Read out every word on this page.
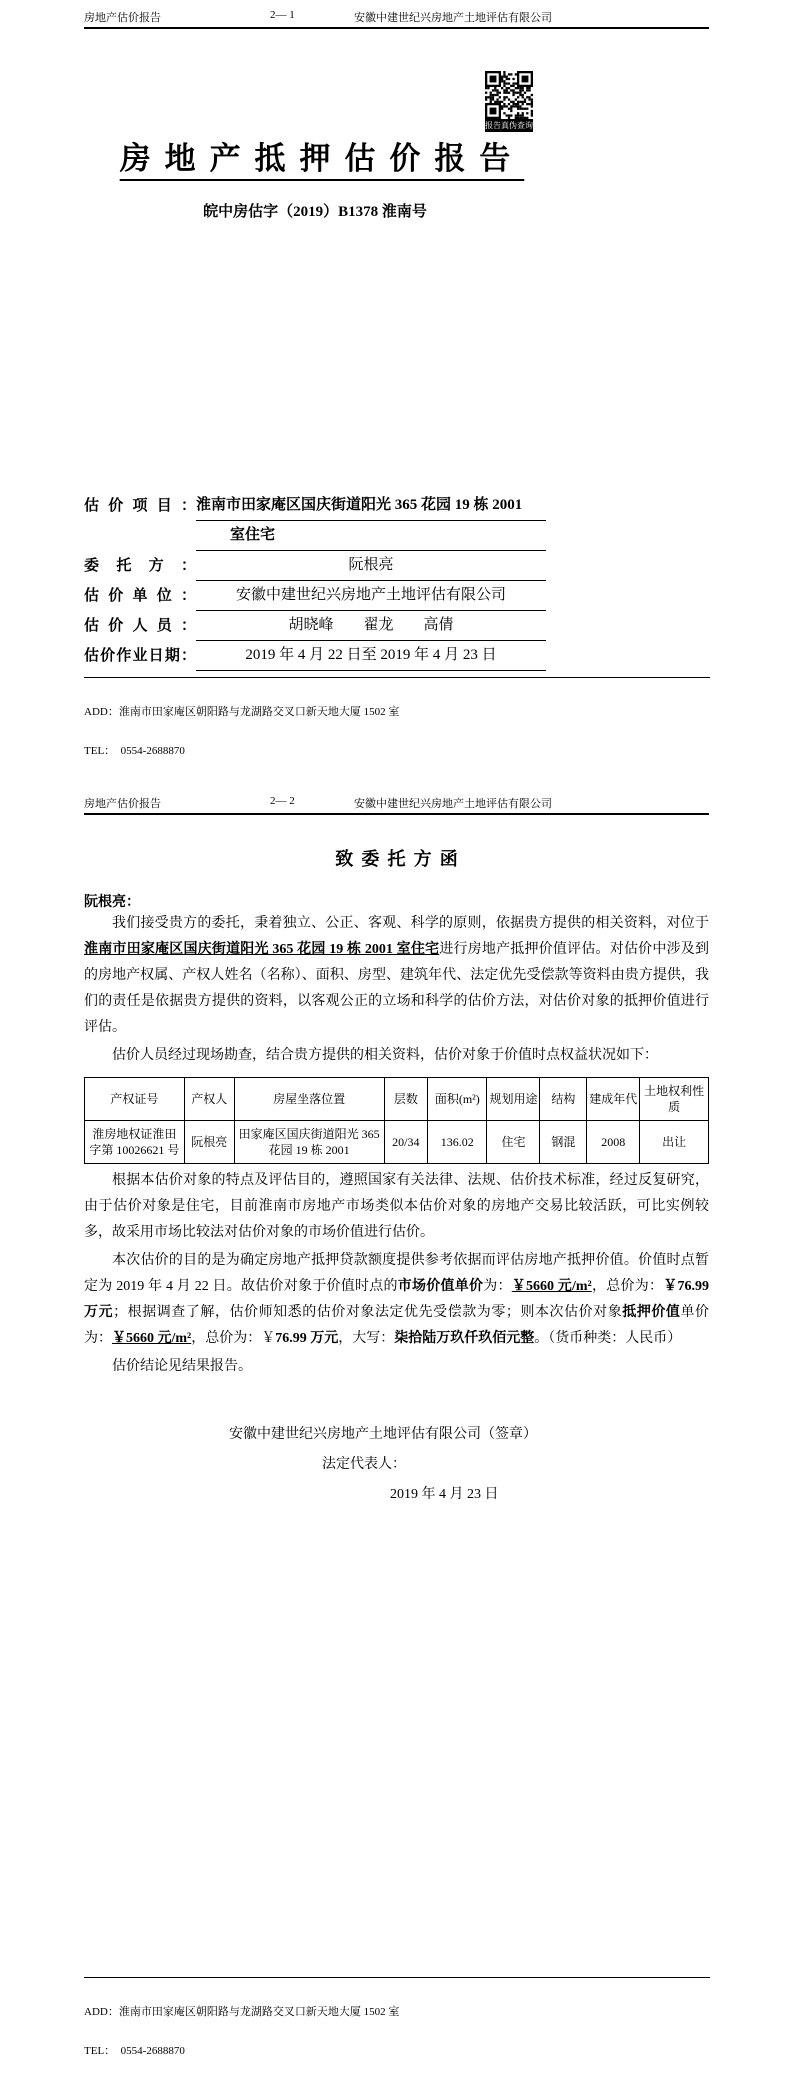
房地产估价报告	2— 1	安徽中建世纪兴房地产土地评估有限公司
报告真伪查询
房地产抵押估价报告
皖中房估字（2019）B1378 淮南号
估价项目： 淮南市田家庵区国庆街道阳光 365 花园 19 栋 2001
室住宅
委托方：	阮根亮
估价单位：	安徽中建世纪兴房地产土地评估有限公司
估价人员：	胡晓峰　　翟龙　　高倩
估价作业日期：	2019 年 4 月 22 日至 2019 年 4 月 23 日

ADD：淮南市田家庵区朝阳路与龙湖路交叉口新天地大厦 1502 室

TEL：  0554-2688870

房地产估价报告	2— 2	安徽中建世纪兴房地产土地评估有限公司
致委托方函
阮根亮：

我们接受贵方的委托，秉着独立、公正、客观、科学的原则，依据贵方提供的相关资料，对位于淮南市田家庵区国庆街道阳光 365 花园 19 栋 2001 室住宅进行房地产抵押价值评估。对估价中涉及到的房地产权属、产权人姓名（名称）、面积、房型、建筑年代、法定优先受偿款等资料由贵方提供，我们的责任是依据贵方提供的资料，以客观公正的立场和科学的估价方法，对估价对象的抵押价值进行评估。

估价人员经过现场勘查，结合贵方提供的相关资料，估价对象于价值时点权益状况如下：

产权证号	产权人	房屋坐落位置	层数	面积(m²)	规划用途	结构	建成年代	土地权利性质
淮房地权证淮田字第 10026621 号	阮根亮	田家庵区国庆街道阳光 365 花园 19 栋 2001	20/34	136.02	住宅	钢混	2008	出让

根据本估价对象的特点及评估目的，遵照国家有关法律、法规、估价技术标准，经过反复研究，由于估价对象是住宅，目前淮南市房地产市场类似本估价对象的房地产交易比较活跃，可比实例较多，故采用市场比较法对估价对象的市场价值进行估价。

本次估价的目的是为确定房地产抵押贷款额度提供参考依据而评估房地产抵押价值。价值时点暂定为 2019 年 4 月 22 日。故估价对象于价值时点的市场价值单价为：￥5660 元/m²，总价为：￥76.99 万元；根据调查了解，估价师知悉的估价对象法定优先受偿款为零；则本次估价对象抵押价值单价为：￥5660 元/m²，总价为：￥76.99 万元，大写：柒拾陆万玖仟玖佰元整。（货币种类：人民币）

估价结论见结果报告。

安徽中建世纪兴房地产土地评估有限公司（签章）
法定代表人：
2019 年 4 月 23 日

ADD：淮南市田家庵区朝阳路与龙湖路交叉口新天地大厦 1502 室

TEL：  0554-2688870
